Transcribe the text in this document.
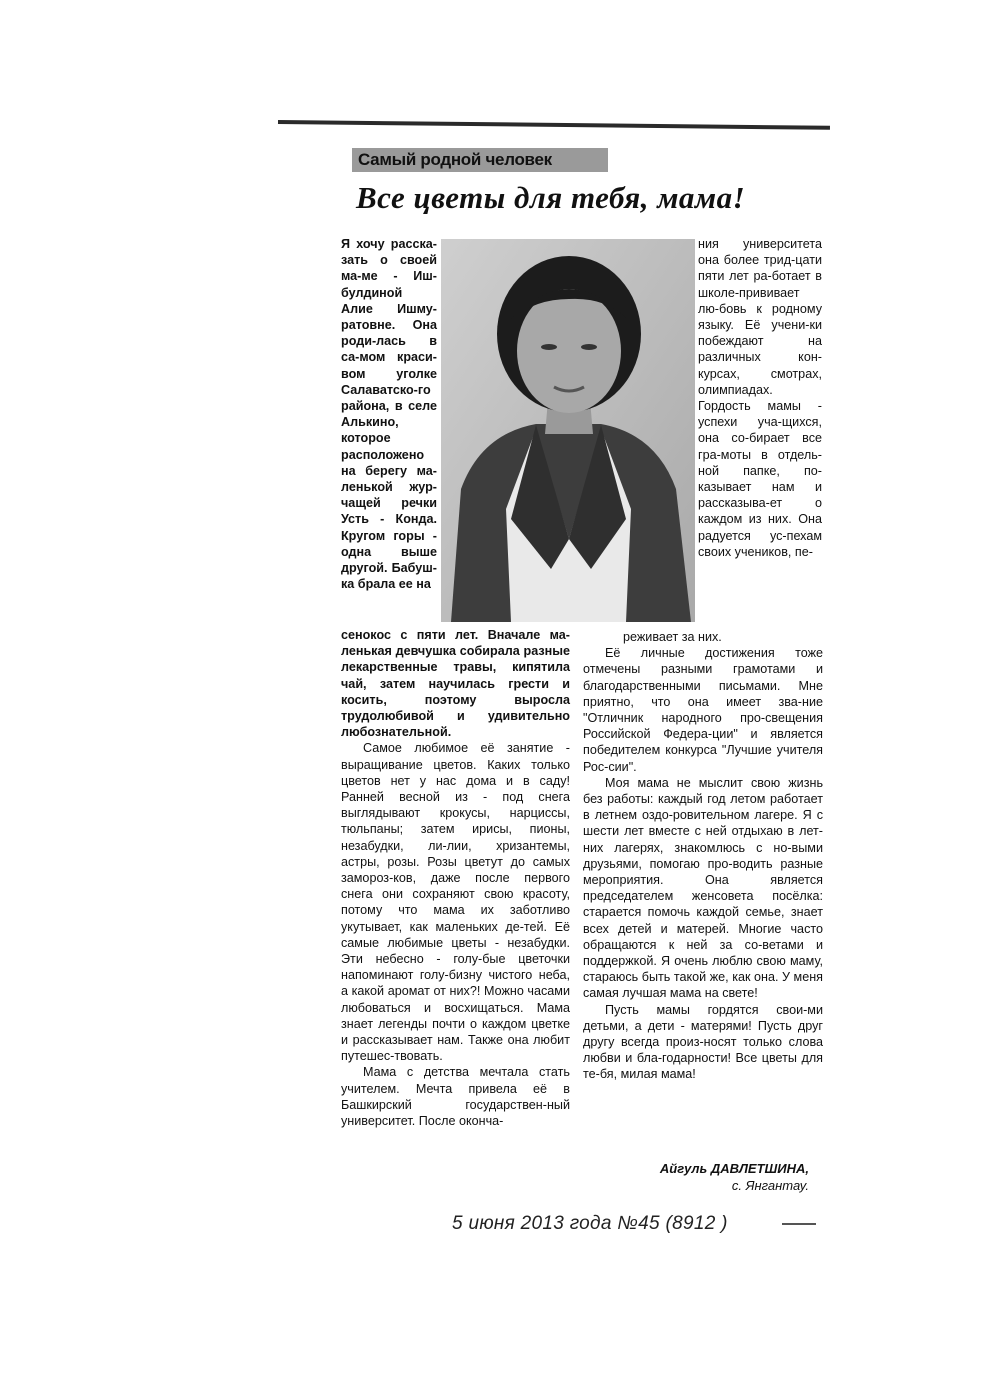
Самый родной человек
Все цветы для тебя, мама!

Я хочу расска-зать о своей ма-ме - Иш-булдиной Алие Ишму-ратовне. Она роди-лась в са-мом краси-вом уголке Салаватско-го района, в селе Алькино, которое расположено на берегу ма-ленькой жур-чащей речки Усть - Конда. Кругом горы - одна выше другой. Бабуш-ка брала ее на

сенокос с пяти лет. Вначале ма-ленькая девчушка собирала разные лекарственные травы, кипятила чай, затем научилась грести и косить, поэтому выросла трудолюбивой и удивительно любознательной.

Самое любимое её занятие - выращивание цветов. Каких только цветов нет у нас дома и в саду! Ранней весной из - под снега выглядывают крокусы, нарциссы, тюльпаны; затем ирисы, пионы, незабудки, ли-лии, хризантемы, астры, розы. Розы цветут до самых замороз-ков, даже после первого снега они сохраняют свою красоту, потому что мама их заботливо укутывает, как маленьких де-тей. Её самые любимые цветы - незабудки. Эти небесно - голу-бые цветочки напоминают голу-бизну чистого неба, а какой аромат от них?! Можно часами любоваться и восхищаться. Мама знает легенды почти о каждом цветке и рассказывает нам. Также она любит путешес-твовать.

Мама с детства мечтала стать учителем. Мечта привела её в Башкирский государствен-ный университет. После оконча-

ния университета она более трид-цати пяти лет ра-ботает в школе-прививает лю-бовь к родному языку. Её учени-ки побеждают на различных кон-курсах, смотрах, олимпиадах. Гордость мамы - успехи уча-щихся, она со-бирает все гра-моты в отдель-ной папке, по-казывает нам и рассказыва-ет о каждом из них. Она радуется ус-пехам своих учеников, пе-

реживает за них.

Её личные достижения тоже отмечены разными грамотами и благодарственными письмами. Мне приятно, что она имеет зва-ние "Отличник народного про-свещения Российской Федера-ции" и является победителем конкурса "Лучшие учителя Рос-сии".

Моя мама не мыслит свою жизнь без работы: каждый год летом работает в летнем оздо-ровительном лагере. Я с шести лет вместе с ней отдыхаю в лет-них лагерях, знакомлюсь с но-выми друзьями, помогаю про-водить разные мероприятия. Она является председателем женсовета посёлка: старается помочь каждой семье, знает всех детей и матерей. Многие часто обращаются к ней за со-ветами и поддержкой. Я очень люблю свою маму, стараюсь быть такой же, как она. У меня самая лучшая мама на свете!

Пусть мамы гордятся свои-ми детьми, а дети - матерями! Пусть друг другу всегда произ-носят только слова любви и бла-годарности! Все цветы для те-бя, милая мама!

Айгуль ДАВЛЕТШИНА,
с. Янгантау.
5 июня 2013 года №45 (8912 )
